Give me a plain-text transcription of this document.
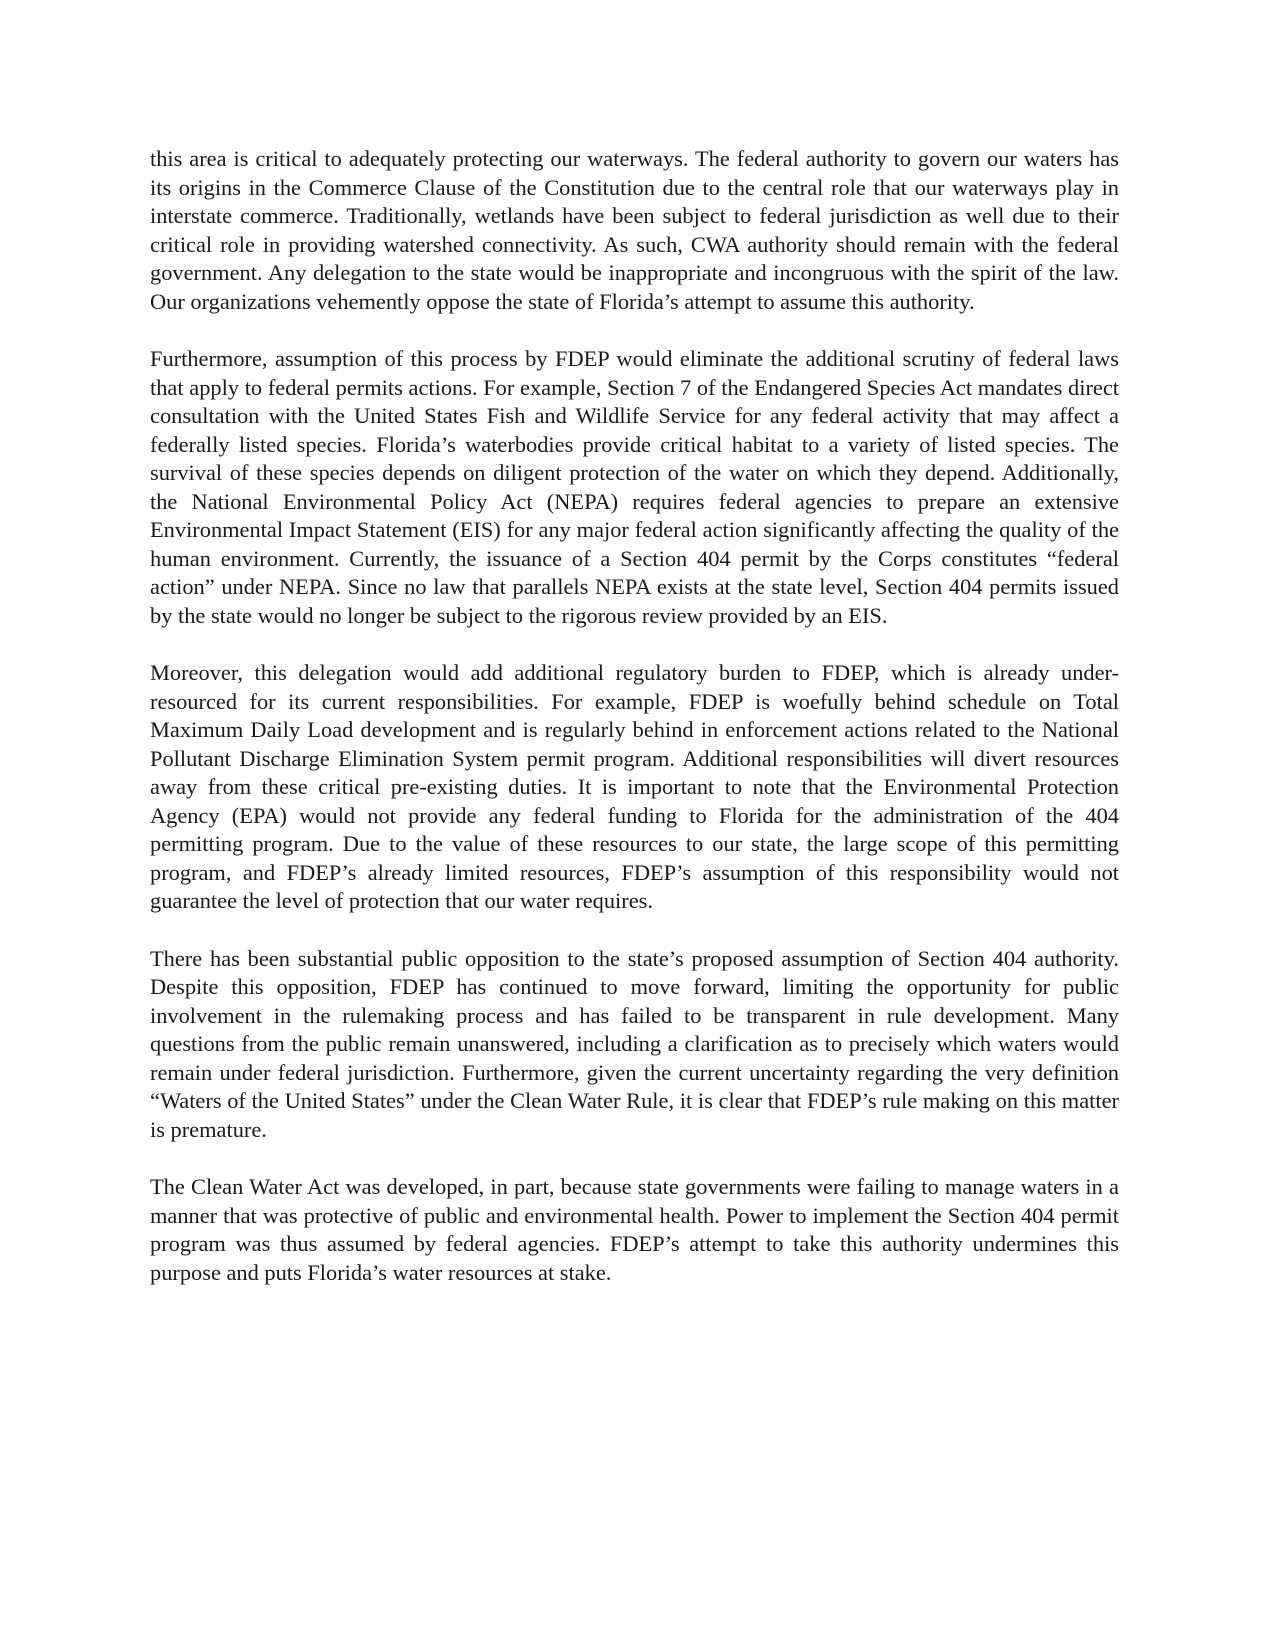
this area is critical to adequately protecting our waterways. The federal authority to govern our waters has its origins in the Commerce Clause of the Constitution due to the central role that our waterways play in interstate commerce. Traditionally, wetlands have been subject to federal jurisdiction as well due to their critical role in providing watershed connectivity. As such, CWA authority should remain with the federal government. Any delegation to the state would be inappropriate and incongruous with the spirit of the law. Our organizations vehemently oppose the state of Florida’s attempt to assume this authority.

Furthermore, assumption of this process by FDEP would eliminate the additional scrutiny of federal laws that apply to federal permits actions. For example, Section 7 of the Endangered Species Act mandates direct consultation with the United States Fish and Wildlife Service for any federal activity that may affect a federally listed species. Florida’s waterbodies provide critical habitat to a variety of listed species. The survival of these species depends on diligent protection of the water on which they depend. Additionally, the National Environmental Policy Act (NEPA) requires federal agencies to prepare an extensive Environmental Impact Statement (EIS) for any major federal action significantly affecting the quality of the human environment. Currently, the issuance of a Section 404 permit by the Corps constitutes “federal action” under NEPA. Since no law that parallels NEPA exists at the state level, Section 404 permits issued by the state would no longer be subject to the rigorous review provided by an EIS.

Moreover, this delegation would add additional regulatory burden to FDEP, which is already under-resourced for its current responsibilities. For example, FDEP is woefully behind schedule on Total Maximum Daily Load development and is regularly behind in enforcement actions related to the National Pollutant Discharge Elimination System permit program. Additional responsibilities will divert resources away from these critical pre-existing duties. It is important to note that the Environmental Protection Agency (EPA) would not provide any federal funding to Florida for the administration of the 404 permitting program. Due to the value of these resources to our state, the large scope of this permitting program, and FDEP’s already limited resources, FDEP’s assumption of this responsibility would not guarantee the level of protection that our water requires.

There has been substantial public opposition to the state’s proposed assumption of Section 404 authority. Despite this opposition, FDEP has continued to move forward, limiting the opportunity for public involvement in the rulemaking process and has failed to be transparent in rule development. Many questions from the public remain unanswered, including a clarification as to precisely which waters would remain under federal jurisdiction. Furthermore, given the current uncertainty regarding the very definition “Waters of the United States” under the Clean Water Rule, it is clear that FDEP’s rule making on this matter is premature.

The Clean Water Act was developed, in part, because state governments were failing to manage waters in a manner that was protective of public and environmental health. Power to implement the Section 404 permit program was thus assumed by federal agencies. FDEP’s attempt to take this authority undermines this purpose and puts Florida’s water resources at stake.
